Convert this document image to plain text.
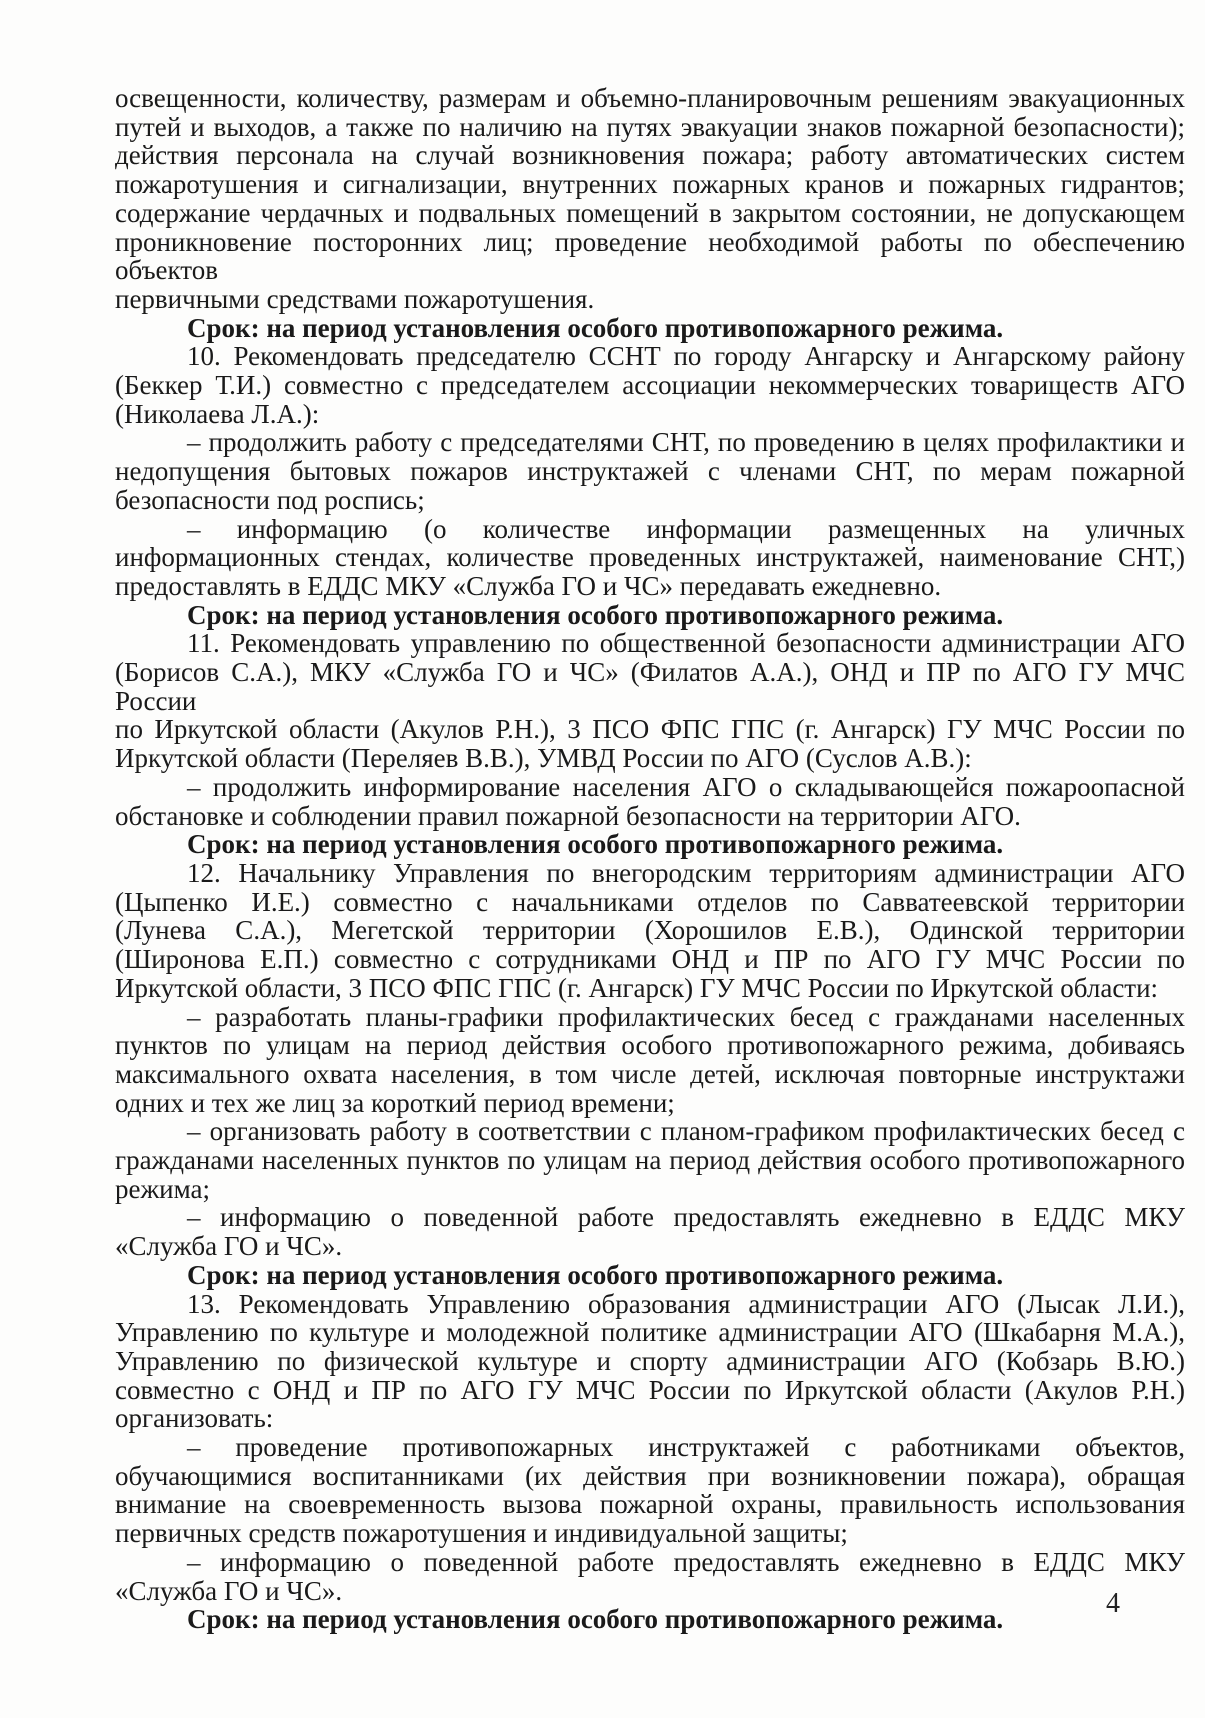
освещенности, количеству, размерам и объемно-планировочным решениям эвакуационных
путей и выходов, а также по наличию на путях эвакуации знаков пожарной безопасности);
действия персонала на случай возникновения пожара; работу автоматических систем
пожаротушения и сигнализации, внутренних пожарных кранов и пожарных гидрантов;
содержание чердачных и подвальных помещений в закрытом состоянии, не допускающем
проникновение посторонних лиц; проведение необходимой работы по обеспечению объектов
первичными средствами пожаротушения.
Срок: на период установления особого противопожарного режима.
10. Рекомендовать председателю ССНТ по городу Ангарску и Ангарскому району
(Беккер Т.И.) совместно с председателем ассоциации некоммерческих товариществ АГО
(Николаева Л.А.):
– продолжить работу с председателями СНТ, по проведению в целях профилактики и
недопущения бытовых пожаров инструктажей с членами СНТ, по мерам пожарной
безопасности под роспись;
– информацию (о количестве информации размещенных на уличных
информационных стендах, количестве проведенных инструктажей, наименование СНТ,)
предоставлять в ЕДДС МКУ «Служба ГО и ЧС» передавать ежедневно.
Срок: на период установления особого противопожарного режима.
11. Рекомендовать управлению по общественной безопасности администрации АГО
(Борисов С.А.), МКУ «Служба ГО и ЧС» (Филатов А.А.), ОНД и ПР по АГО ГУ МЧС России
по Иркутской области (Акулов Р.Н.), 3 ПСО ФПС ГПС (г. Ангарск) ГУ МЧС России по
Иркутской области (Переляев В.В.), УМВД России по АГО (Суслов А.В.):
– продолжить информирование населения АГО о складывающейся пожароопасной
обстановке и соблюдении правил пожарной безопасности на территории АГО.
Срок: на период установления особого противопожарного режима.
12. Начальнику Управления по внегородским территориям администрации АГО
(Цыпенко И.Е.) совместно с начальниками отделов по Савватеевской территории
(Лунева С.А.), Мегетской территории (Хорошилов Е.В.), Одинской территории
(Широнова Е.П.) совместно с сотрудниками ОНД и ПР по АГО ГУ МЧС России по
Иркутской области, 3 ПСО ФПС ГПС (г. Ангарск) ГУ МЧС России по Иркутской области:
– разработать планы-графики профилактических бесед с гражданами населенных
пунктов по улицам на период действия особого противопожарного режима, добиваясь
максимального охвата населения, в том числе детей, исключая повторные инструктажи
одних и тех же лиц за короткий период времени;
– организовать работу в соответствии с планом-графиком профилактических бесед с
гражданами населенных пунктов по улицам на период действия особого противопожарного
режима;
– информацию о поведенной работе предоставлять ежедневно в ЕДДС МКУ
«Служба ГО и ЧС».
Срок: на период установления особого противопожарного режима.
13. Рекомендовать Управлению образования администрации АГО (Лысак Л.И.),
Управлению по культуре и молодежной политике администрации АГО (Шкабарня М.А.),
Управлению по физической культуре и спорту администрации АГО (Кобзарь В.Ю.)
совместно с ОНД и ПР по АГО ГУ МЧС России по Иркутской области (Акулов Р.Н.)
организовать:
– проведение противопожарных инструктажей с работниками объектов,
обучающимися воспитанниками (их действия при возникновении пожара), обращая
внимание на своевременность вызова пожарной охраны, правильность использования
первичных средств пожаротушения и индивидуальной защиты;
– информацию о поведенной работе предоставлять ежедневно в ЕДДС МКУ
«Служба ГО и ЧС».
Срок: на период установления особого противопожарного режима.
4
